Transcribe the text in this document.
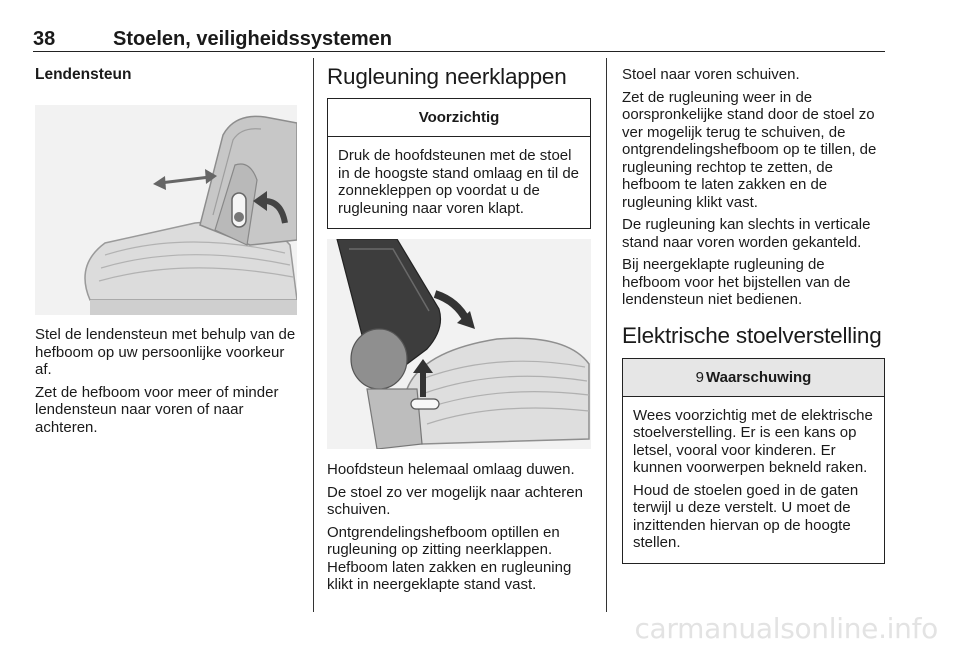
38	Stoelen, veiligheidssystemen
Lendensteun

Stel de lendensteun met behulp van de hefboom op uw persoonlijke voorkeur af.

Zet de hefboom voor meer of minder lendensteun naar voren of naar achteren.

Rugleuning neerklappen
Voorzichtig

Druk de hoofdsteunen met de stoel in de hoogste stand omlaag en til de zonnekleppen op voordat u de rugleuning naar voren klapt.

Hoofdsteun helemaal omlaag duwen.

De stoel zo ver mogelijk naar achteren schuiven.

Ontgrendelingshefboom optillen en rugleuning op zitting neerklappen. Hefboom laten zakken en rugleuning klikt in neergeklapte stand vast.

Stoel naar voren schuiven.

Zet de rugleuning weer in de oorspronkelijke stand door de stoel zo ver mogelijk terug te schuiven, de ontgrendelingshefboom op te tillen, de rugleuning rechtop te zetten, de hefboom te laten zakken en de rugleuning klikt vast.

De rugleuning kan slechts in verticale stand naar voren worden gekanteld.

Bij neergeklapte rugleuning de hefboom voor het bijstellen van de lendensteun niet bedienen.

Elektrische stoelverstelling
9 Waarschuwing

Wees voorzichtig met de elektrische stoelverstelling. Er is een kans op letsel, vooral voor kinderen. Er kunnen voorwerpen bekneld raken.

Houd de stoelen goed in de gaten terwijl u deze verstelt. U moet de inzittenden hiervan op de hoogte stellen.

carmanualsonline.info
